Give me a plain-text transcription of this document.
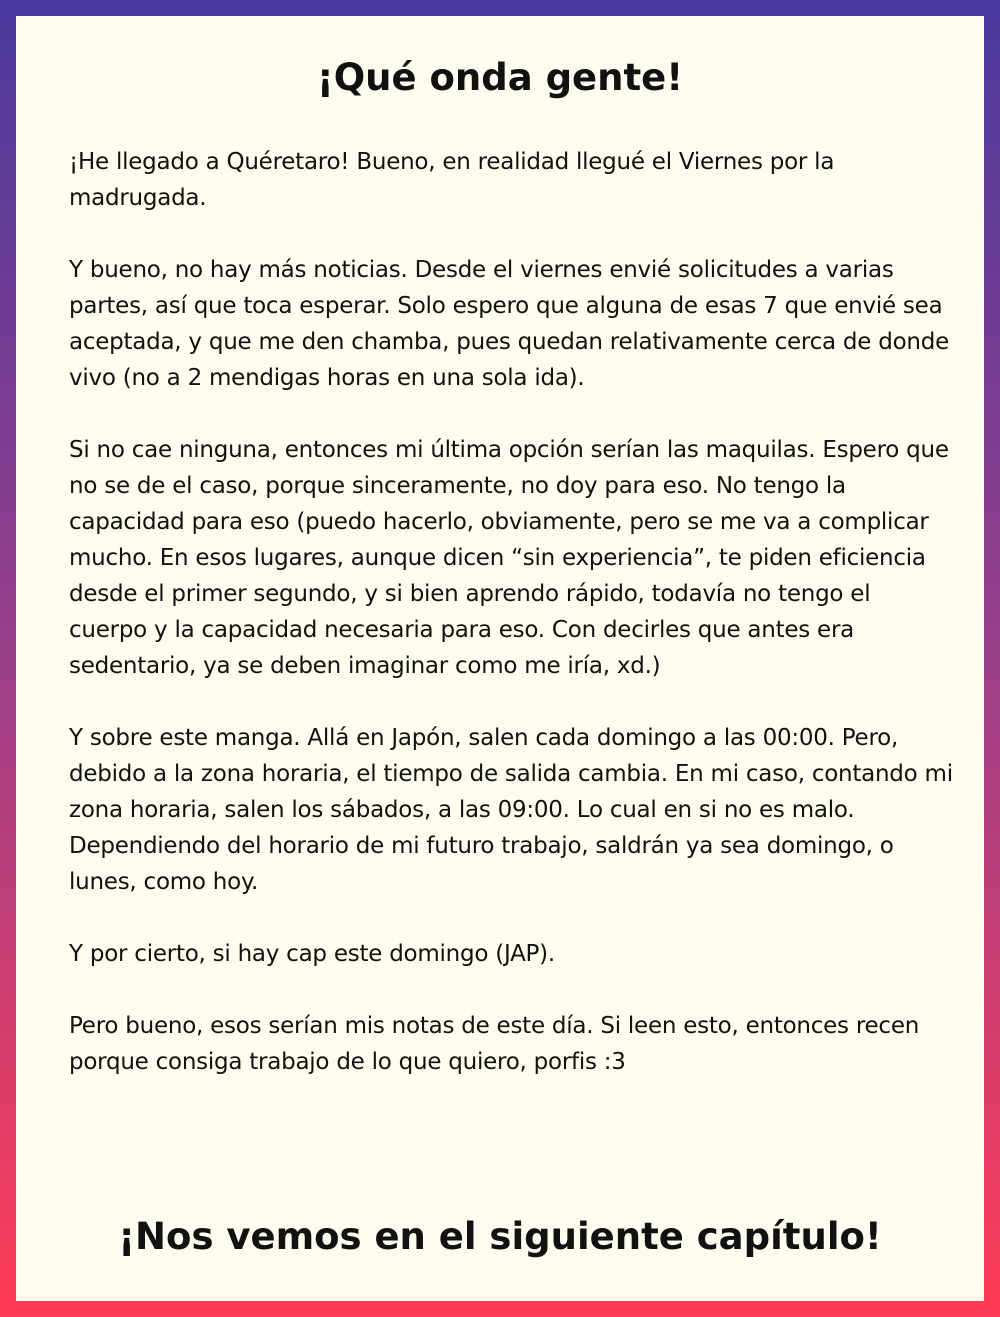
¡Qué onda gente!

¡He llegado a Quéretaro! Bueno, en realidad llegué el Viernes por la madrugada.

Y bueno, no hay más noticias. Desde el viernes envié solicitudes a varias partes, así que toca esperar. Solo espero que alguna de esas 7 que envié sea aceptada, y que me den chamba, pues quedan relativamente cerca de donde vivo (no a 2 mendigas horas en una sola ida).

Si no cae ninguna, entonces mi última opción serían las maquilas. Espero que no se de el caso, porque sinceramente, no doy para eso. No tengo la capacidad para eso (puedo hacerlo, obviamente, pero se me va a complicar mucho. En esos lugares, aunque dicen “sin experiencia”, te piden eficiencia desde el primer segundo, y si bien aprendo rápido, todavía no tengo el cuerpo y la capacidad necesaria para eso. Con decirles que antes era sedentario, ya se deben imaginar como me iría, xd.)

Y sobre este manga. Allá en Japón, salen cada domingo a las 00:00. Pero, debido a la zona horaria, el tiempo de salida cambia. En mi caso, contando mi zona horaria, salen los sábados, a las 09:00. Lo cual en si no es malo. Dependiendo del horario de mi futuro trabajo, saldrán ya sea domingo, o lunes, como hoy.

Y por cierto, si hay cap este domingo (JAP).

Pero bueno, esos serían mis notas de este día. Si leen esto, entonces recen porque consiga trabajo de lo que quiero, porfis :3

¡Nos vemos en el siguiente capítulo!
